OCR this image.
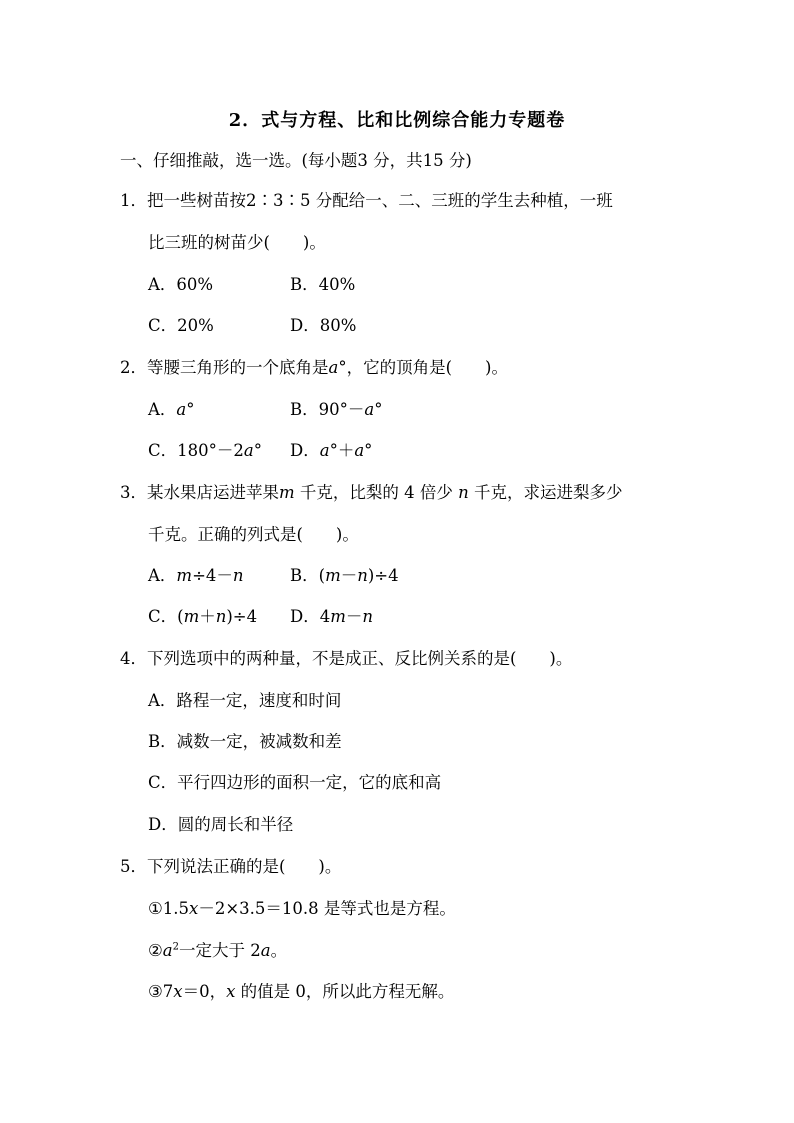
2．式与方程、比和比例综合能力专题卷
一、仔细推敲，选一选。(每小题3 分，共15 分)
1．把一些树苗按2∶3∶5 分配给一、二、三班的学生去种植，一班
比三班的树苗少(　　)。
A．60%	B．40%
C．20%	D．80%
2．等腰三角形的一个底角是a°，它的顶角是(　　)。
A．a°	B．90°－a°
C．180°－2a° D．a°＋a°
3．某水果店运进苹果m 千克，比梨的 4 倍少 n 千克，求运进梨多少
千克。正确的列式是(　　)。
A．m÷4－n	B．(m－n)÷4
C．(m＋n)÷4 D．4m－n
4．下列选项中的两种量，不是成正、反比例关系的是(　　)。
A．路程一定，速度和时间
B．减数一定，被减数和差
C．平行四边形的面积一定，它的底和高
D．圆的周长和半径
5．下列说法正确的是(　　)。
①1.5x－2×3.5＝10.8 是等式也是方程。
$②a^2$一定大于 2a。
③7x＝0，x 的值是 0，所以此方程无解。
